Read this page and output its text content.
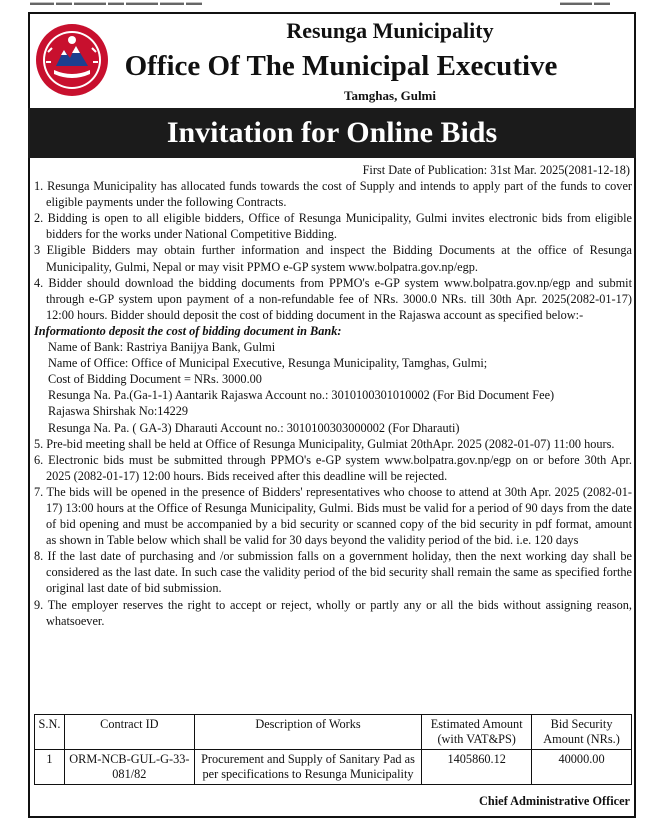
▬▬▬ ▬▬ ▬▬▬▬ ▬▬ ▬▬▬▬ ▬▬▬ ▬▬	▬▬▬▬ ▬▬
Resunga Municipality
Office Of The Municipal Executive
Tamghas, Gulmi
Invitation for Online Bids
First Date of Publication: 31st Mar. 2025(2081-12-18)
1. Resunga Municipality has allocated funds towards the cost of Supply and intends to apply part of the funds to cover eligible payments under the following Contracts.
2. Bidding is open to all eligible bidders, Office of Resunga Municipality, Gulmi invites electronic bids from eligible bidders for the works under National Competitive Bidding.
3 Eligible Bidders may obtain further information and inspect the Bidding Documents at the office of Resunga Municipality, Gulmi, Nepal or may visit PPMO e-GP system www.bolpatra.gov.np/egp.
4. Bidder should download the bidding documents from PPMO's e-GP system www.bolpatra.gov.np/egp and submit through e-GP system upon payment of a non-refundable fee of NRs. 3000.0 NRs. till 30th Apr. 2025(2082-01-17) 12:00 hours. Bidder should deposit the cost of bidding document in the Rajaswa account as specified below:-
Informationto deposit the cost of bidding document in Bank:
Name of Bank: Rastriya Banijya Bank, Gulmi
Name of Office: Office of Municipal Executive, Resunga Municipality, Tamghas, Gulmi;
Cost of Bidding Document = NRs. 3000.00
Resunga Na. Pa.(Ga-1-1) Aantarik Rajaswa Account no.: 3010100301010002 (For Bid Document Fee)
Rajaswa Shirshak No:14229
Resunga Na. Pa. ( GA-3) Dharauti Account no.: 3010100303000002 (For Dharauti)
5. Pre-bid meeting shall be held at Office of Resunga Municipality, Gulmiat 20thApr. 2025 (2082-01-07) 11:00 hours.
6. Electronic bids must be submitted through PPMO's e-GP system www.bolpatra.gov.np/egp on or before 30th Apr. 2025 (2082-01-17) 12:00 hours. Bids received after this deadline will be rejected.
7. The bids will be opened in the presence of Bidders' representatives who choose to attend at 30th Apr. 2025 (2082-01-17) 13:00 hours at the Office of Resunga Municipality, Gulmi. Bids must be valid for a period of 90 days from the date of bid opening and must be accompanied by a bid security or scanned copy of the bid security in pdf format, amount as shown in Table below which shall be valid for 30 days beyond the validity period of the bid. i.e. 120 days
8. If the last date of purchasing and /or submission falls on a government holiday, then the next working day shall be considered as the last date. In such case the validity period of the bid security shall remain the same as specified forthe original last date of bid submission.
9. The employer reserves the right to accept or reject, wholly or partly any or all the bids without assigning reason, whatsoever.
S.N.	Contract ID	Description of Works	Estimated Amount (with VAT&PS)	Bid Security Amount (NRs.)
1	ORM-NCB-GUL-G-33-081/82	Procurement and Supply of Sanitary Pad as per specifications to Resunga Municipality	1405860.12	40000.00
Chief Administrative Officer
